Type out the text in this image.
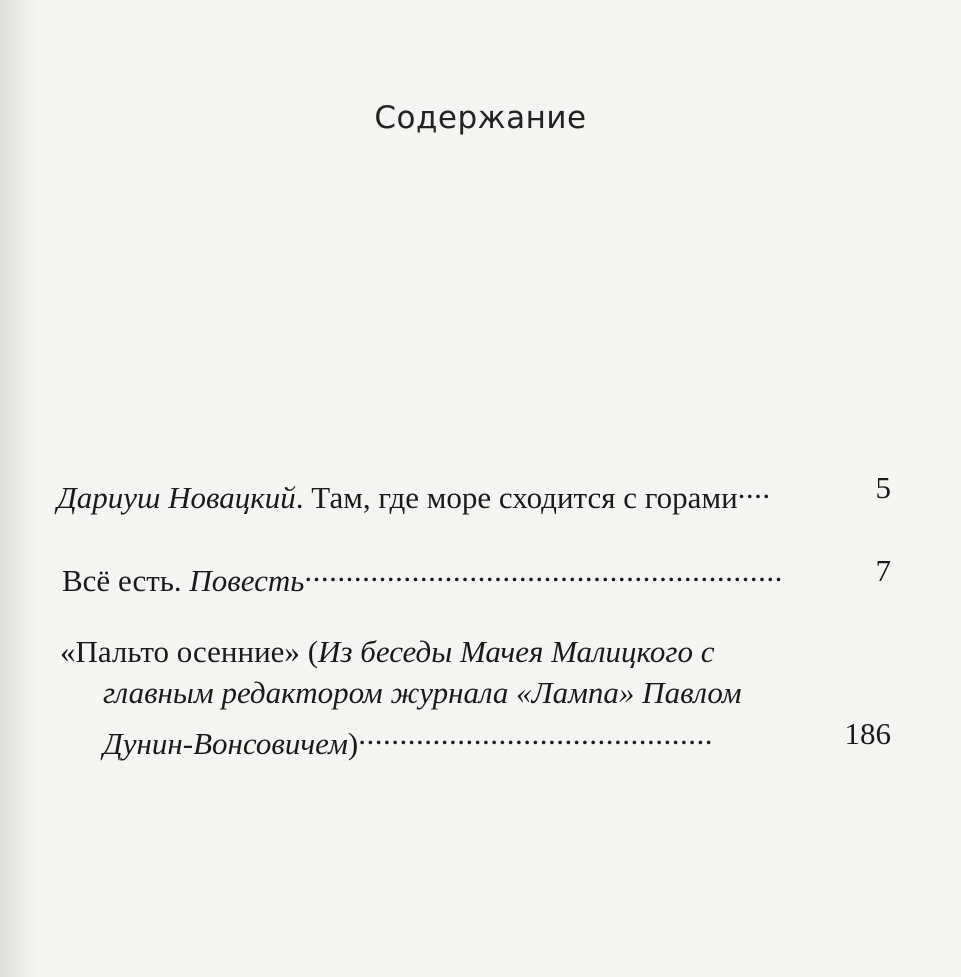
Содержание
Дариуш Новацкий. Там, где море сходится с горами....	5
Всё есть. Повесть..........................................................	7
«Пальто осенние» (Из беседы Мачея Малицкого с
главным редактором журнала «Лампа» Павлом
Дунин-Вонсовичем)...........................................	186
